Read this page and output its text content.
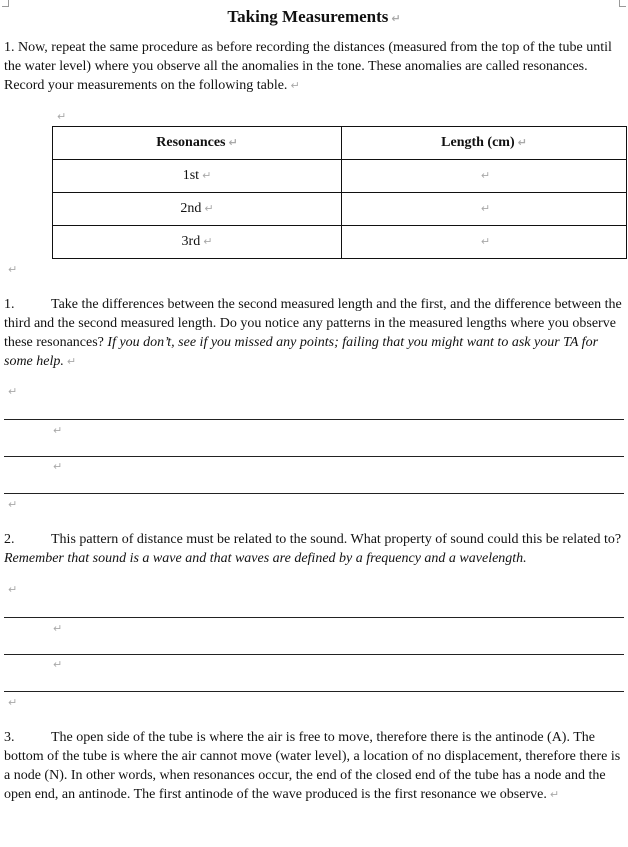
Taking Measurements ↵

1. Now, repeat the same procedure as before recording the distances (measured from the top of the tube until the water level) where you observe all the anomalies in the tone. These anomalies are called resonances. Record your measurements on the following table. ↵

↵
Resonances ↵	Length (cm) ↵
1st ↵	↵
2nd ↵	↵
3rd ↵	↵
↵

1.	Take the differences between the second measured length and the first, and the difference between the third and the second measured length. Do you notice any patterns in the measured lengths where you observe these resonances? If you don’t, see if you missed any points; failing that you might want to ask your TA for some help. ↵

↵
↵
↵
↵

2.	This pattern of distance must be related to the sound. What property of sound could this be related to? Remember that sound is a wave and that waves are defined by a frequency and a wavelength.

↵
↵
↵
↵

3.	The open side of the tube is where the air is free to move, therefore there is the antinode (A). The bottom of the tube is where the air cannot move (water level), a location of no displacement, therefore there is a node (N). In other words, when resonances occur, the end of the closed end of the tube has a node and the open end, an antinode. The first antinode of the wave produced is the first resonance we observe. ↵
